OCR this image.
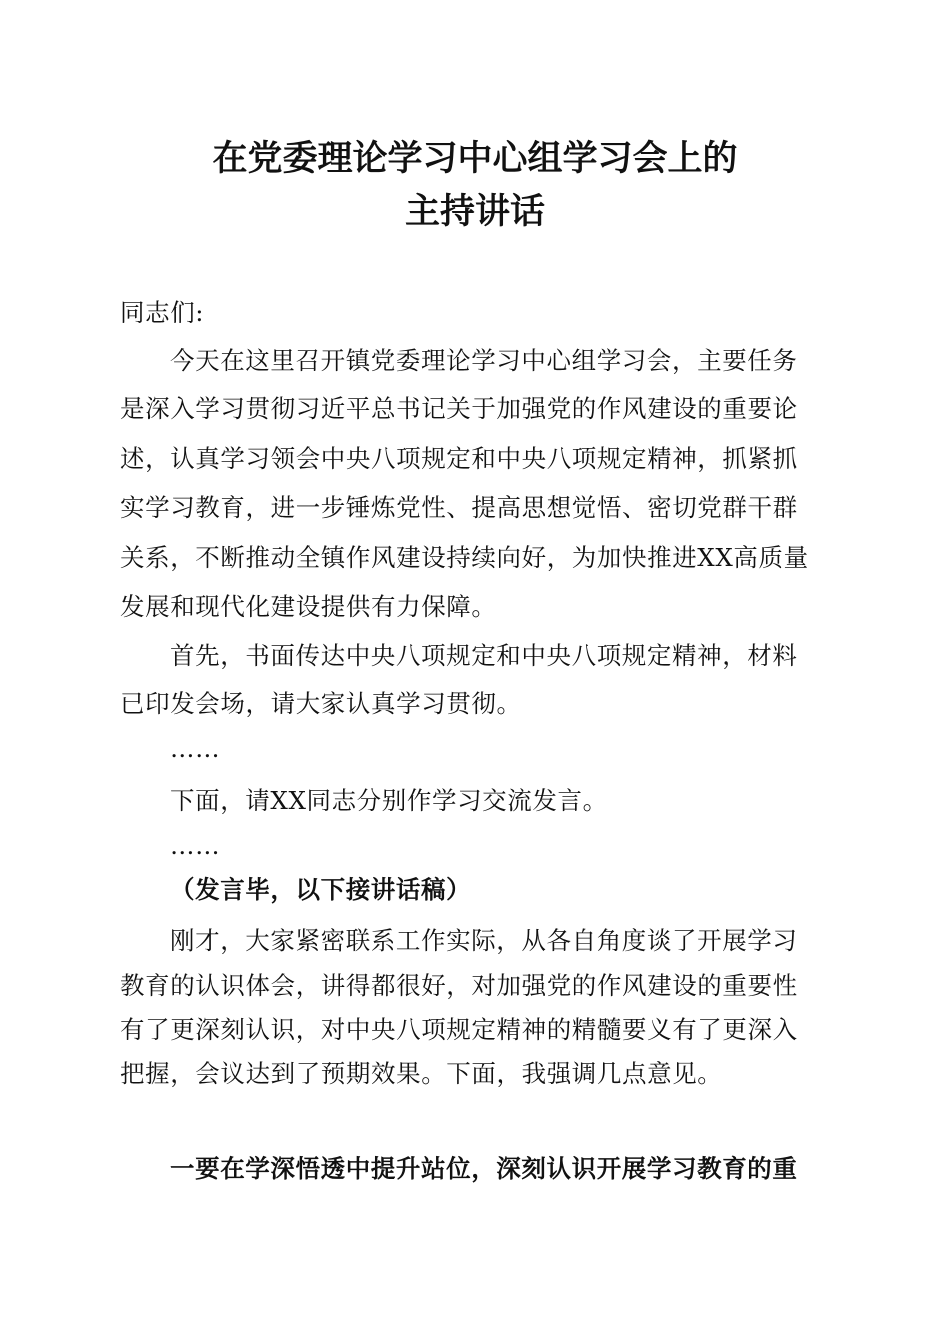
在党委理论学习中心组学习会上的
主持讲话
同志们:
今天在这里召开镇党委理论学习中心组学习会，主要任务
是深入学习贯彻习近平总书记关于加强党的作风建设的重要论
述，认真学习领会中央八项规定和中央八项规定精神，抓紧抓
实学习教育，进一步锤炼党性、提高思想觉悟、密切党群干群
关系，不断推动全镇作风建设持续向好，为加快推进XX高质量
发展和现代化建设提供有力保障。
首先，书面传达中央八项规定和中央八项规定精神，材料
已印发会场，请大家认真学习贯彻。
……
下面，请XX同志分别作学习交流发言。
……
（发言毕，以下接讲话稿）
刚才，大家紧密联系工作实际，从各自角度谈了开展学习
教育的认识体会，讲得都很好，对加强党的作风建设的重要性
有了更深刻认识，对中央八项规定精神的精髓要义有了更深入
把握，会议达到了预期效果。下面，我强调几点意见。
一要在学深悟透中提升站位，深刻认识开展学习教育的重
